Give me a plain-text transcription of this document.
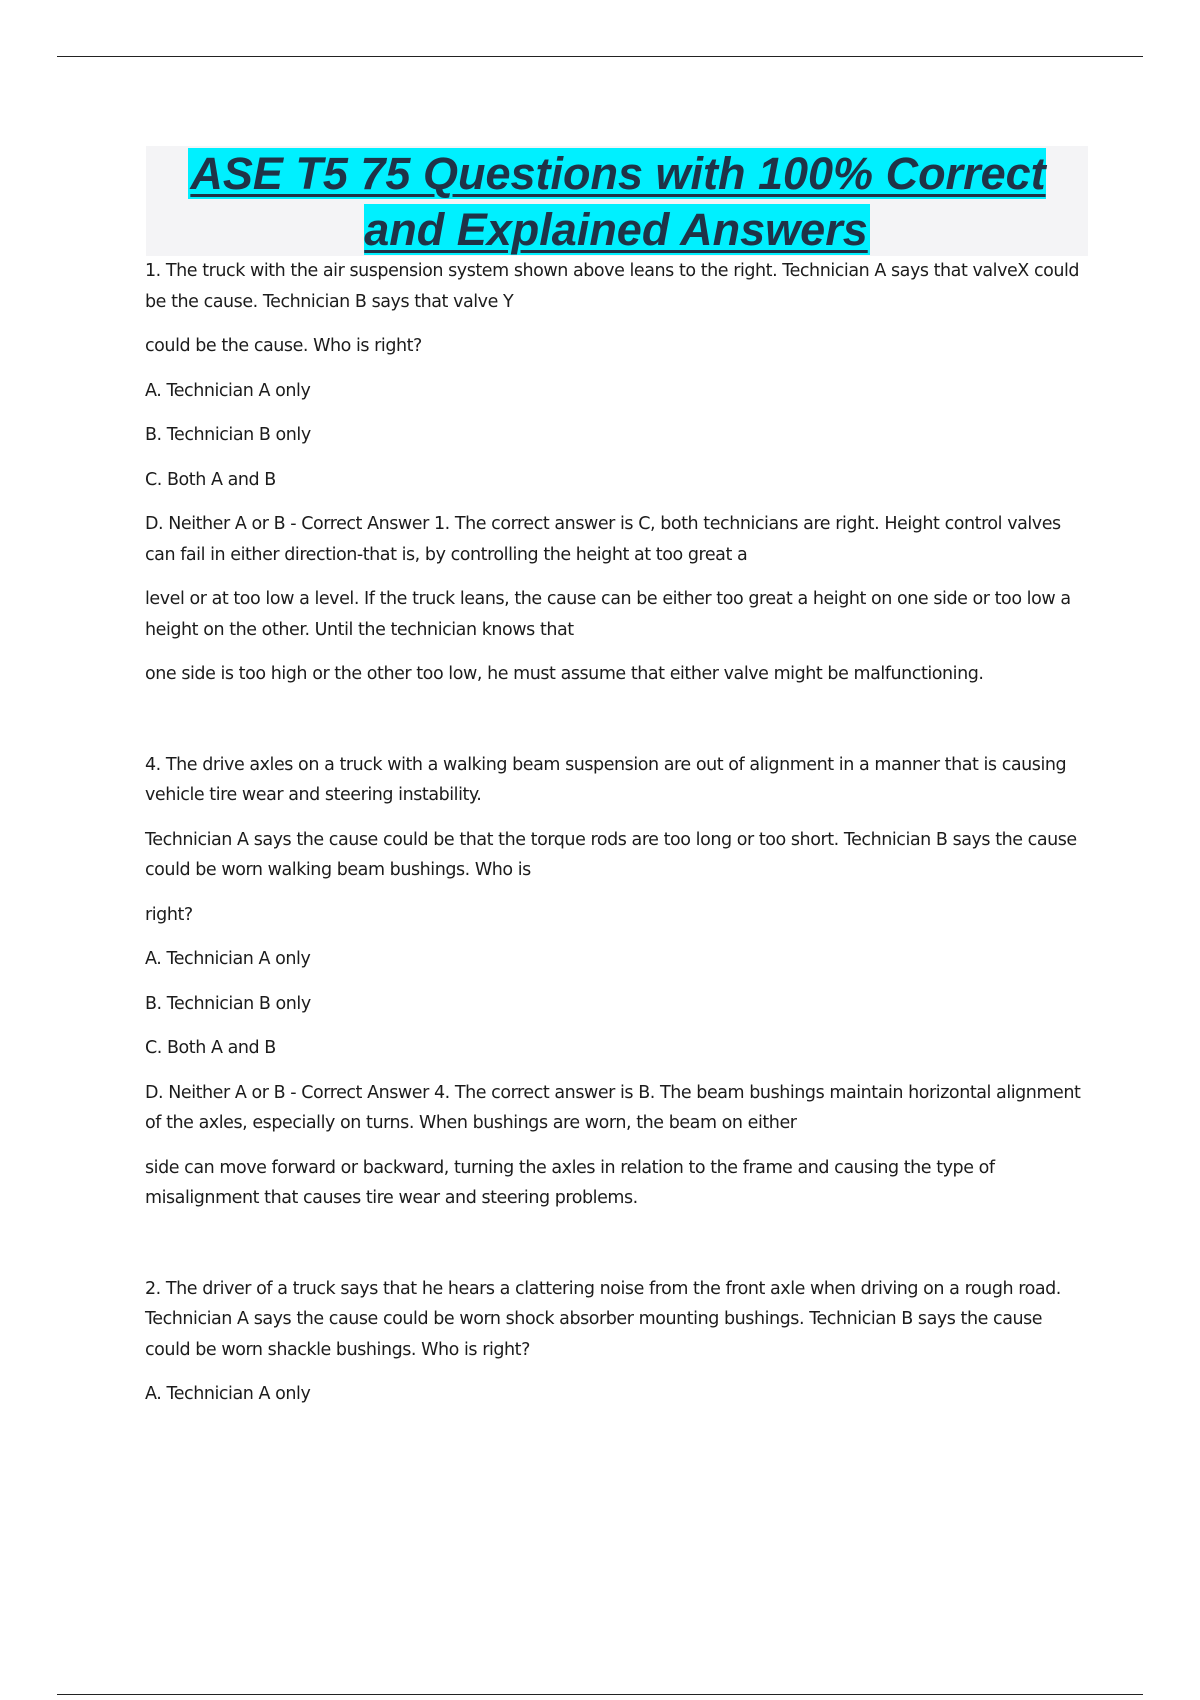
ASE T5 75 Questions with 100% Correct and Explained Answers

1. The truck with the air suspension system shown above leans to the right. Technician A says that valveX could be the cause. Technician B says that valve Y

could be the cause. Who is right?

A. Technician A only

B. Technician B only

C. Both A and B

D. Neither A or B - Correct Answer 1. The correct answer is C, both technicians are right. Height control valves can fail in either direction-that is, by controlling the height at too great a

level or at too low a level. If the truck leans, the cause can be either too great a height on one side or too low a height on the other. Until the technician knows that

one side is too high or the other too low, he must assume that either valve might be malfunctioning.

4. The drive axles on a truck with a walking beam suspension are out of alignment in a manner that is causing vehicle tire wear and steering instability.

Technician A says the cause could be that the torque rods are too long or too short. Technician B says the cause could be worn walking beam bushings. Who is

right?

A. Technician A only

B. Technician B only

C. Both A and B

D. Neither A or B - Correct Answer 4. The correct answer is B. The beam bushings maintain horizontal alignment of the axles, especially on turns. When bushings are worn, the beam on either

side can move forward or backward, turning the axles in relation to the frame and causing the type of misalignment that causes tire wear and steering problems.

2. The driver of a truck says that he hears a clattering noise from the front axle when driving on a rough road. Technician A says the cause could be worn shock absorber mounting bushings. Technician B says the cause could be worn shackle bushings. Who is right?

A. Technician A only
